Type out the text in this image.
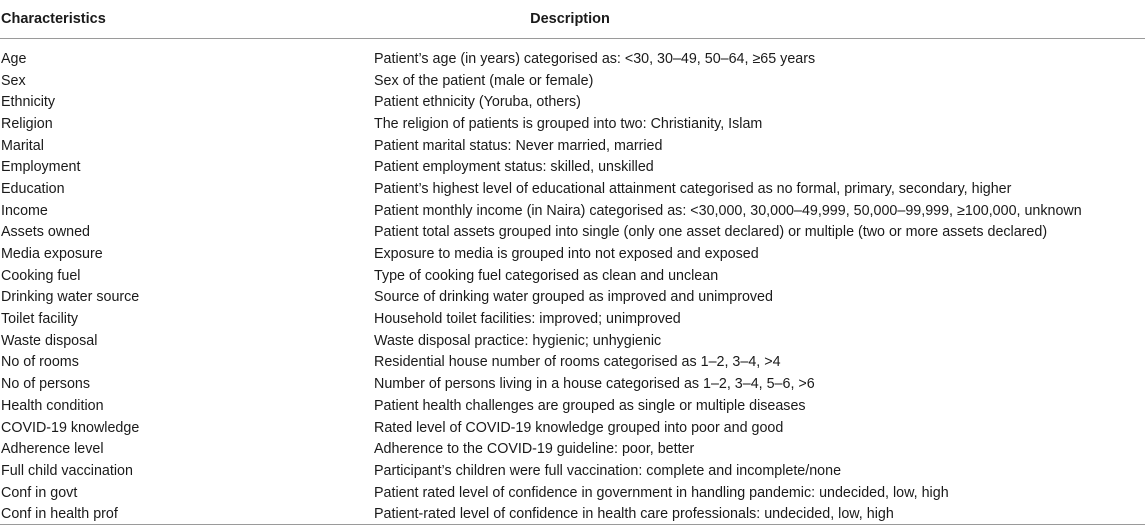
Characteristics	Description
Age	Patient’s age (in years) categorised as: <30, 30–49, 50–64, ≥65 years
Sex	Sex of the patient (male or female)
Ethnicity	Patient ethnicity (Yoruba, others)
Religion	The religion of patients is grouped into two: Christianity, Islam
Marital	Patient marital status: Never married, married
Employment	Patient employment status: skilled, unskilled
Education	Patient’s highest level of educational attainment categorised as no formal, primary, secondary, higher
Income	Patient monthly income (in Naira) categorised as: <30,000, 30,000–49,999, 50,000–99,999, ≥100,000, unknown
Assets owned	Patient total assets grouped into single (only one asset declared) or multiple (two or more assets declared)
Media exposure	Exposure to media is grouped into not exposed and exposed
Cooking fuel	Type of cooking fuel categorised as clean and unclean
Drinking water source	Source of drinking water grouped as improved and unimproved
Toilet facility	Household toilet facilities: improved; unimproved
Waste disposal	Waste disposal practice: hygienic; unhygienic
No of rooms	Residential house number of rooms categorised as 1–2, 3–4, >4
No of persons	Number of persons living in a house categorised as 1–2, 3–4, 5–6, >6
Health condition	Patient health challenges are grouped as single or multiple diseases
COVID-19 knowledge	Rated level of COVID-19 knowledge grouped into poor and good
Adherence level	Adherence to the COVID-19 guideline: poor, better
Full child vaccination	Participant’s children were full vaccination: complete and incomplete/none
Conf in govt	Patient rated level of confidence in government in handling pandemic: undecided, low, high
Conf in health prof	Patient-rated level of confidence in health care professionals: undecided, low, high
